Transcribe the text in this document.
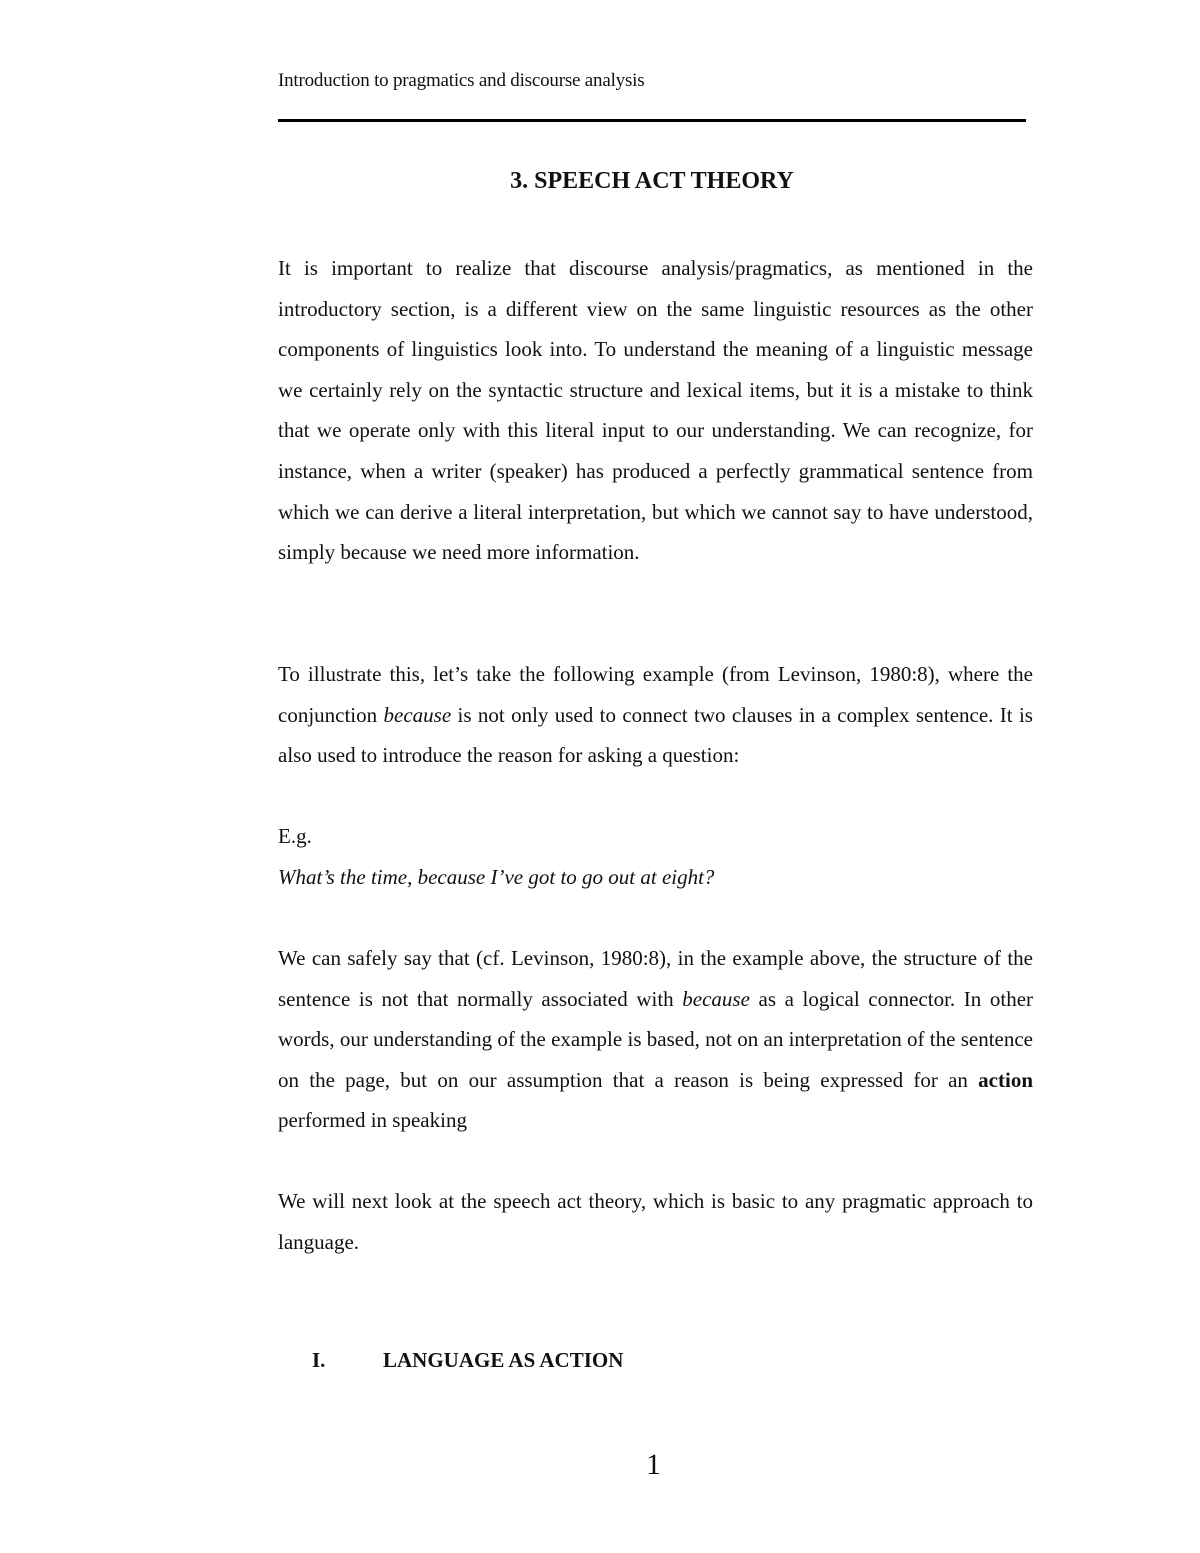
Introduction to pragmatics and discourse analysis
3. SPEECH ACT THEORY

It is important to realize that discourse analysis/pragmatics, as mentioned in the introductory section, is a different view on the same linguistic resources as the other components of linguistics look into. To understand the meaning of a linguistic message we certainly rely on the syntactic structure and lexical items, but it is a mistake to think that we operate only with this literal input to our understanding. We can recognize, for instance, when a writer (speaker) has produced a perfectly grammatical sentence from which we can derive a literal interpretation, but which we cannot say to have understood, simply because we need more information.

To illustrate this, let’s take the following example (from Levinson, 1980:8), where the conjunction because is not only used to connect two clauses in a complex sentence. It is also used to introduce the reason for asking a question:

E.g.

What’s the time, because I’ve got to go out at eight?

We can safely say that (cf. Levinson, 1980:8), in the example above, the structure of the sentence is not that normally associated with because as a logical connector. In other words, our understanding of the example is based, not on an interpretation of the sentence on the page, but on our assumption that a reason is being expressed for an action performed in speaking

We will next look at the speech act theory, which is basic to any pragmatic approach to language.

I.	LANGUAGE AS ACTION
1
